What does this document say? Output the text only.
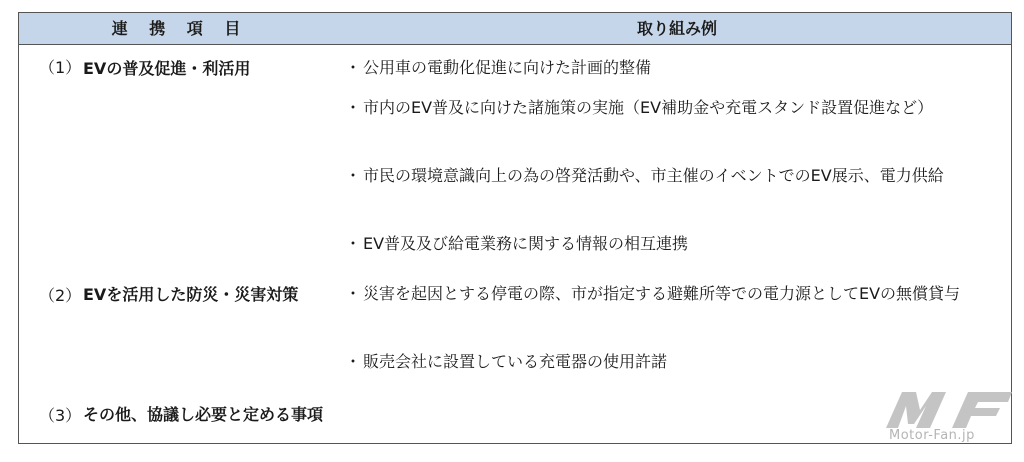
連 携 項 目	取り組み例
（1） EVの普及促進・利活用	・ 公用車の電動化促進に向けた計画的整備
・ 市内のEV普及に向けた諸施策の実施（EV補助金や充電スタンド設置促進など）
・ 市民の環境意識向上の為の啓発活動や、市主催のイベントでのEV展示、電力供給
・ EV普及及び給電業務に関する情報の相互連携
（2） EVを活用した防災・災害対策	・ 災害を起因とする停電の際、市が指定する避難所等での電力源としてEVの無償貸与
・ 販売会社に設置している充電器の使用許諾
（3） その他、協議し必要と定める事項
Motor-Fan.jp
